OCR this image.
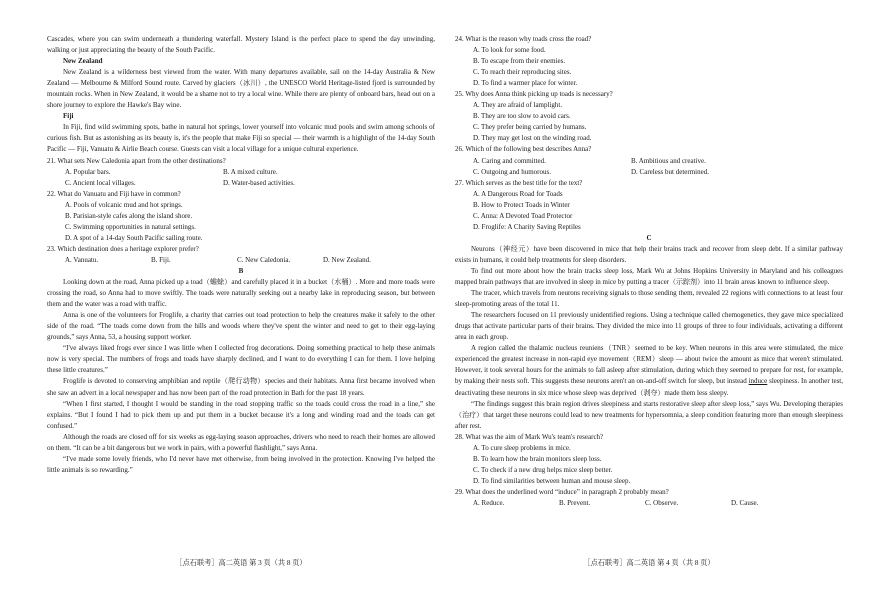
Cascades, where you can swim underneath a thundering waterfall. Mystery Island is the perfect place to spend the day unwinding, walking or just appreciating the beauty of the South Pacific.

New Zealand

New Zealand is a wilderness best viewed from the water. With many departures available, sail on the 14-day Australia & New Zealand — Melbourne & Milford Sound route. Carved by glaciers（冰川）, the UNESCO World Heritage-listed fjord is surrounded by mountain rocks. When in New Zealand, it would be a shame not to try a local wine. While there are plenty of onboard bars, head out on a shore journey to explore the Hawke's Bay wine.

Fiji

In Fiji, find wild swimming spots, bathe in natural hot springs, lower yourself into volcanic mud pools and swim among schools of curious fish. But as astonishing as its beauty is, it's the people that make Fiji so special — their warmth is a highlight of the 14-day South Pacific — Fiji, Vanuatu & Airlie Beach course. Guests can visit a local village for a unique cultural experience.

21. What sets New Caledonia apart from the other destinations?

A. Popular bars.	B. A mixed culture.
C. Ancient local villages.	D. Water-based activities.

22. What do Vanuatu and Fiji have in common?

A. Pools of volcanic mud and hot springs.

B. Parisian-style cafes along the island shore.

C. Swimming opportunities in natural settings.

D. A spot of a 14-day South Pacific sailing route.

23. Which destination does a heritage explorer prefer?

A. Vanuatu.	B. Fiji.	C. New Caledonia.	D. New Zealand.

B

Looking down at the road, Anna picked up a toad（蟾蜍）and carefully placed it in a bucket（水桶）. More and more toads were crossing the road, so Anna had to move swiftly. The toads were naturally seeking out a nearby lake in reproducing season, but between them and the water was a road with traffic.

Anna is one of the volunteers for Froglife, a charity that carries out toad protection to help the creatures make it safely to the other side of the road. “The toads come down from the hills and woods where they've spent the winter and need to get to their egg-laying grounds,” says Anna, 53, a housing support worker.

“I've always liked frogs ever since I was little when I collected frog decorations. Doing something practical to help these animals now is very special. The numbers of frogs and toads have sharply declined, and I want to do everything I can for them. I love helping these little creatures.”

Froglife is devoted to conserving amphibian and reptile（爬行动物）species and their habitats. Anna first became involved when she saw an advert in a local newspaper and has now been part of the road protection in Bath for the past 18 years.

“When I first started, I thought I would be standing in the road stopping traffic so the toads could cross the road in a line,” she explains. “But I found I had to pick them up and put them in a bucket because it's a long and winding road and the toads can get confused.”

Although the roads are closed off for six weeks as egg-laying season approaches, drivers who need to reach their homes are allowed on them. “It can be a bit dangerous but we work in pairs, with a powerful flashlight,” says Anna.

“I've made some lovely friends, who I'd never have met otherwise, from being involved in the protection. Knowing I've helped the little animals is so rewarding.”

24. What is the reason why toads cross the road?

A. To look for some food.

B. To escape from their enemies.

C. To reach their reproducing sites.

D. To find a warmer place for winter.

25. Why does Anna think picking up toads is necessary?

A. They are afraid of lamplight.

B. They are too slow to avoid cars.

C. They prefer being carried by humans.

D. They may get lost on the winding road.

26. Which of the following best describes Anna?

A. Caring and committed.	B. Ambitious and creative.
C. Outgoing and humorous.	D. Careless but determined.

27. Which serves as the best title for the text?

A. A Dangerous Road for Toads

B. How to Protect Toads in Winter

C. Anna: A Devoted Toad Protector

D. Froglife: A Charity Saving Reptiles

C

Neurons（神经元）have been discovered in mice that help their brains track and recover from sleep debt. If a similar pathway exists in humans, it could help treatments for sleep disorders.

To find out more about how the brain tracks sleep loss, Mark Wu at Johns Hopkins University in Maryland and his colleagues mapped brain pathways that are involved in sleep in mice by putting a tracer（示踪剂）into 11 brain areas known to influence sleep.

The tracer, which travels from neurons receiving signals to those sending them, revealed 22 regions with connections to at least four sleep-promoting areas of the total 11.

The researchers focused on 11 previously unidentified regions. Using a technique called chemogenetics, they gave mice specialized drugs that activate particular parts of their brains. They divided the mice into 11 groups of three to four individuals, activating a different area in each group.

A region called the thalamic nucleus reuniens（TNR）seemed to be key. When neurons in this area were stimulated, the mice experienced the greatest increase in non-rapid eye movement（REM）sleep — about twice the amount as mice that weren't stimulated. However, it took several hours for the animals to fall asleep after stimulation, during which they seemed to prepare for rest, for example, by making their nests soft. This suggests these neurons aren't an on-and-off switch for sleep, but instead induce sleepiness. In another test, deactivating these neurons in six mice whose sleep was deprived（剥夺）made them less sleepy.

“The findings suggest this brain region drives sleepiness and starts restorative sleep after sleep loss,” says Wu. Developing therapies（治疗）that target these neurons could lead to new treatments for hypersomnia, a sleep condition featuring more than enough sleepiness after rest.

28. What was the aim of Mark Wu's team's research?

A. To cure sleep problems in mice.

B. To learn how the brain monitors sleep loss.

C. To check if a new drug helps mice sleep better.

D. To find similarities between human and mouse sleep.

29. What does the underlined word “induce” in paragraph 2 probably mean?

A. Reduce.	B. Prevent.	C. Observe.	D. Cause.
［点石联考］高二英语 第 3 页（共 8 页）	［点石联考］高二英语 第 4 页（共 8 页）
